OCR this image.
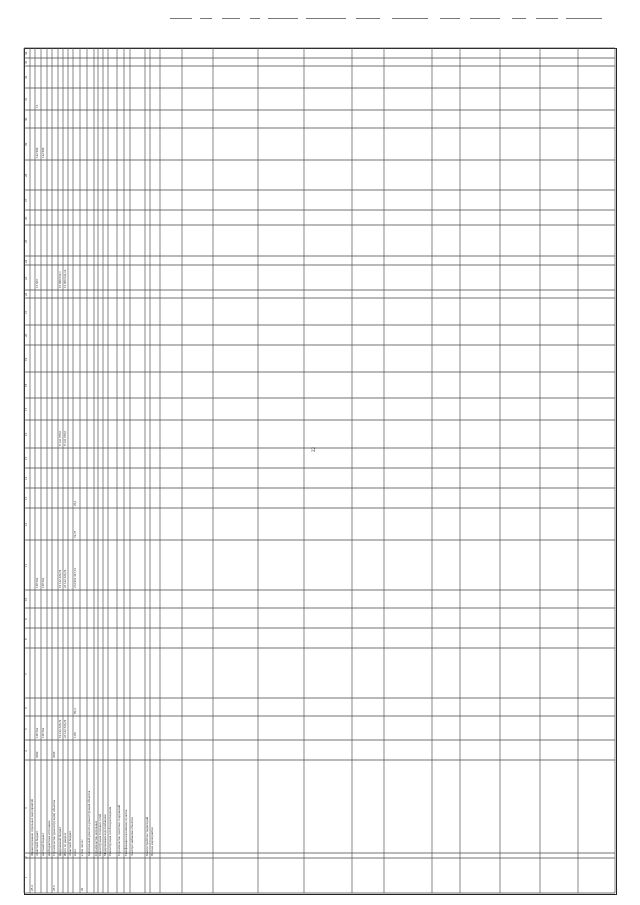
22
1
2
3
4
5
6
7
8
9
10
11
12
13
14
15
16
17
18
19
20
21
22
23
24
25
26
27
28
29
30
31
32
33
34
28.4
Финансирование отдельных мероприятий областной бюджет
2009
148 602
148 602
13 603
142 999
13
местный бюджет
148 602
148 602
142 999
внебюджетные источники
28.5
Строительство (реконструкция) объектов
2009
федеральный бюджет
19 142 320,74
19 142 320,74
8 141 678,6
10 999 632,1
Итого по разделу
23 142 320,74
23 142 320,74
8 141 678,6
15 000 642,14
областной бюджет всего
1,89
86,3
214 952 347,72
74,37
26,1
29
в том числе: Капитальный ремонт и реконструкция объектов Строительство котельных Реконструкция тепловых сетей Модернизация водоснабжения Реконструкция сетей водоотведения Строительство очистных сооружений Газификация населённых пунктов Электроснабжение объектов	Благоустройство территорий Прочие мероприятия
